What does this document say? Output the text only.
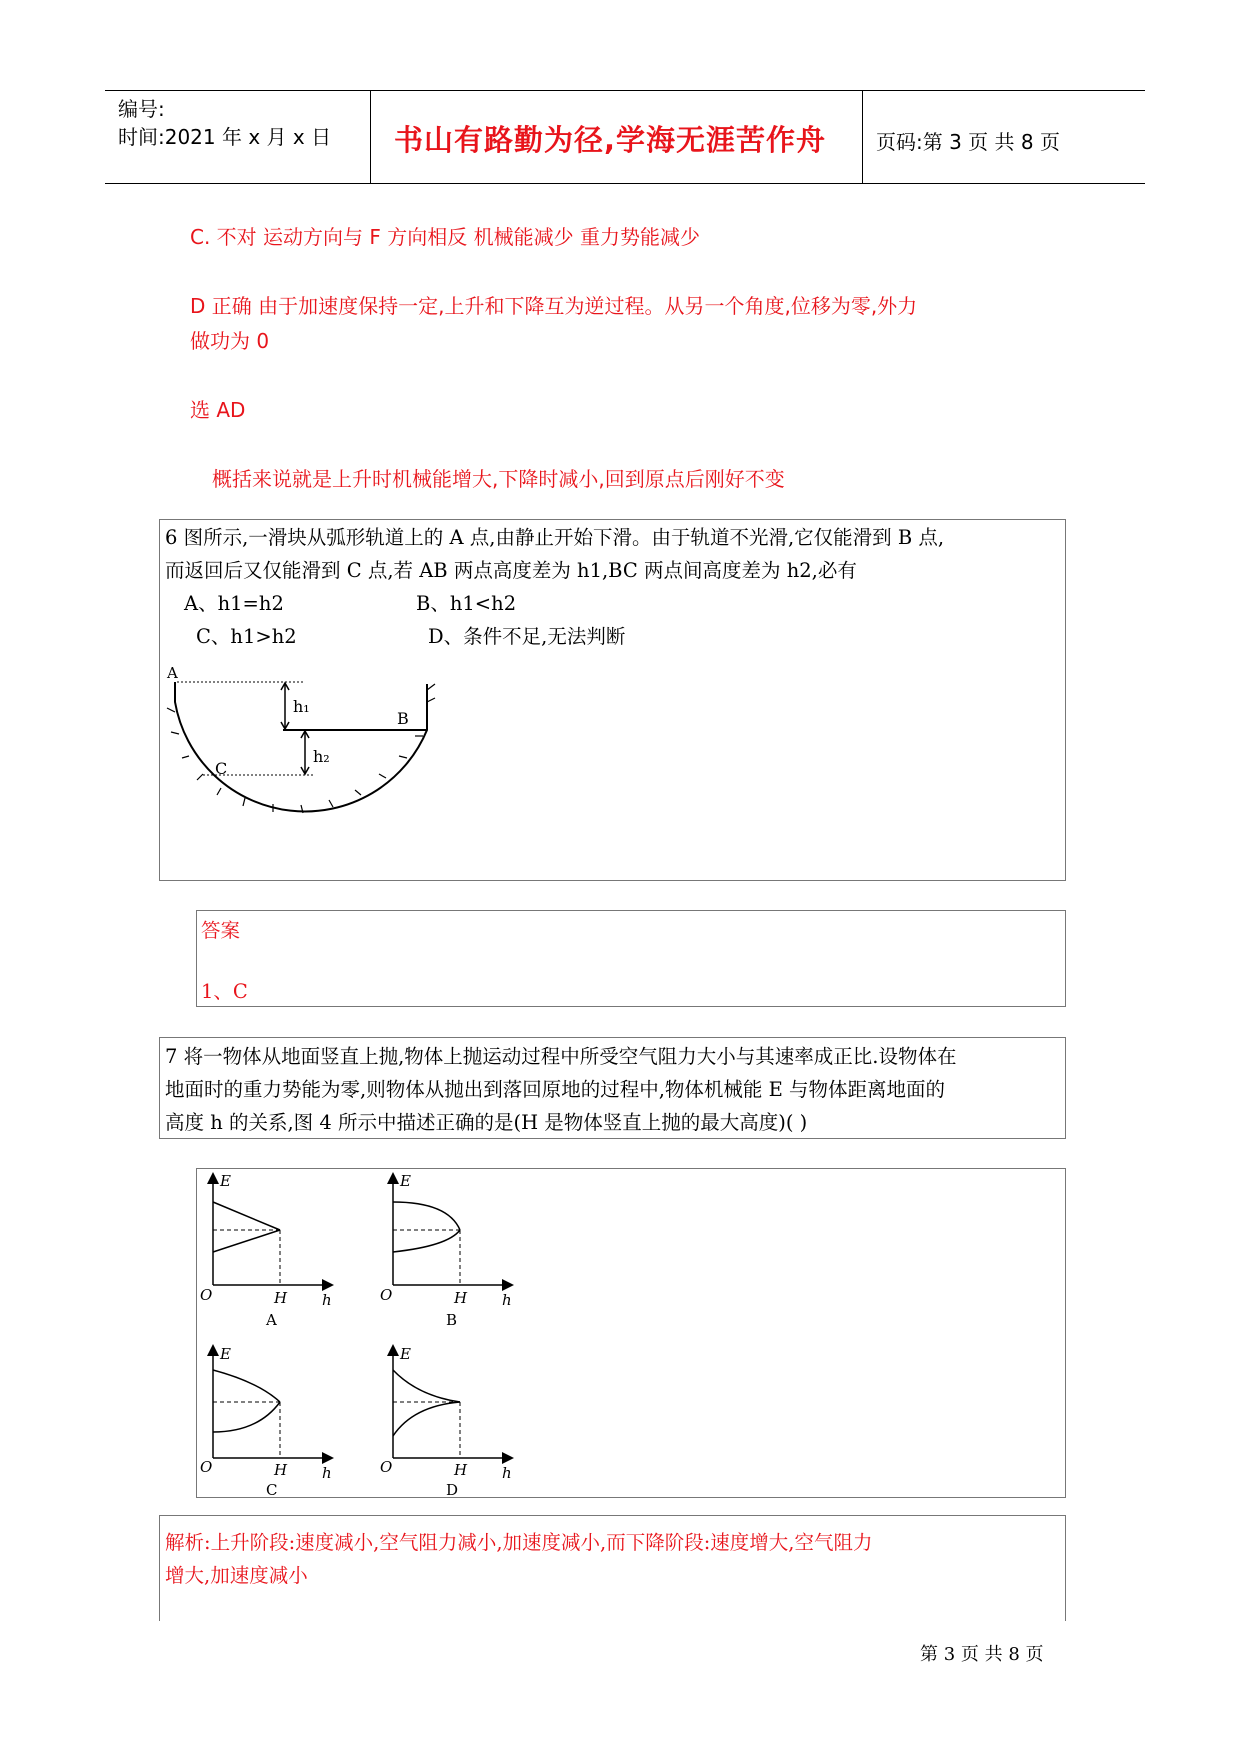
编号:
时间:2021 年 x 月 x 日 书山有路勤为径,学海无涯苦作舟 页码:第 3 页 共 8 页
C. 不对 运动方向与 F 方向相反 机械能减少 重力势能减少
D 正确 由于加速度保持一定,上升和下降互为逆过程。从另一个角度,位移为零,外力
做功为 0
选 AD
概括来说就是上升时机械能增大,下降时减小,回到原点后刚好不变
6 图所示,一滑块从弧形轨道上的 A 点,由静止开始下滑。由于轨道不光滑,它仅能滑到 B 点,
而返回后又仅能滑到 C 点,若 AB 两点高度差为 h1,BC 两点间高度差为 h2,必有
A、h1=h2	B、h1<h2
C、h1>h2	D、条件不足,无法判断
A
B
C
h₁
h₂
答案
1、C
7 将一物体从地面竖直上抛,物体上抛运动过程中所受空气阻力大小与其速率成正比.设物体在
地面时的重力势能为零,则物体从抛出到落回原地的过程中,物体机械能 E 与物体距离地面的
高度 h 的关系,图 4 所示中描述正确的是(H 是物体竖直上抛的最大高度)( )
E
h
O	H
A
E
h
O	H
B
E
h
O	H
C
E
h
O	H
D
解析:上升阶段:速度减小,空气阻力减小,加速度减小,而下降阶段:速度增大,空气阻力
增大,加速度减小
第 3 页 共 8 页
